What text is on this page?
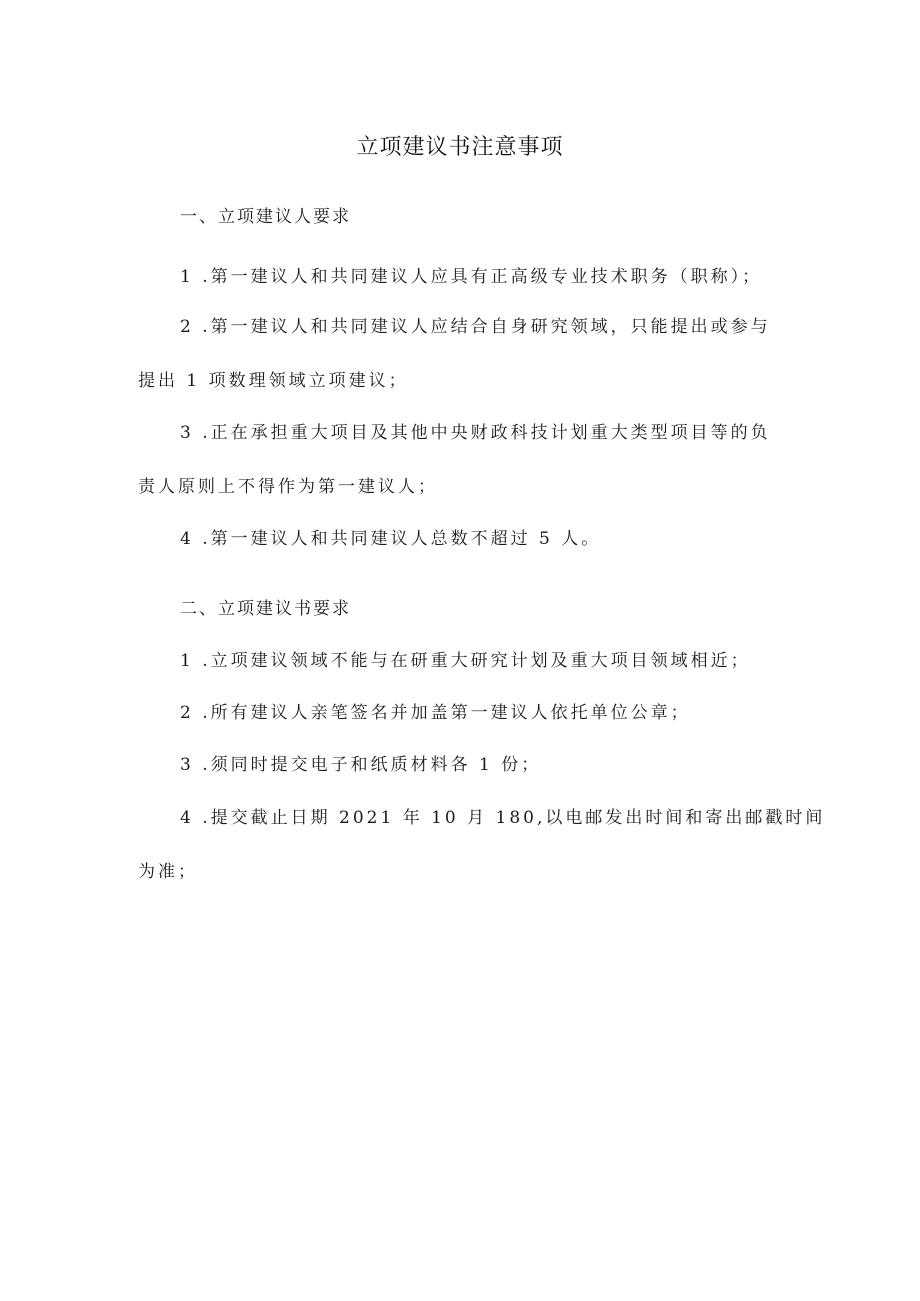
立项建议书注意事项
一、立项建议人要求
1 .第一建议人和共同建议人应具有正高级专业技术职务（职称）；
2 .第一建议人和共同建议人应结合自身研究领域，只能提出或参与
提出 1 项数理领域立项建议；
3 .正在承担重大项目及其他中央财政科技计划重大类型项目等的负
责人原则上不得作为第一建议人；
4 .第一建议人和共同建议人总数不超过 5 人。
二、立项建议书要求
1 .立项建议领域不能与在研重大研究计划及重大项目领域相近；
2 .所有建议人亲笔签名并加盖第一建议人依托单位公章；
3 .须同时提交电子和纸质材料各 1 份；
4 .提交截止日期 2021 年 10 月 180,以电邮发出时间和寄出邮戳时间
为准；
